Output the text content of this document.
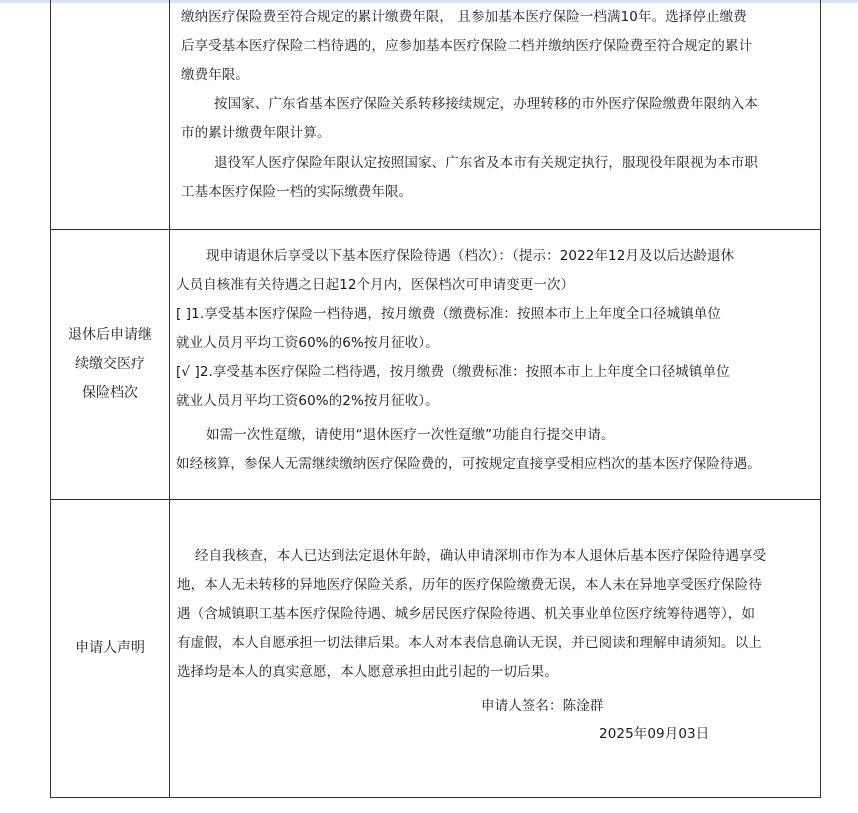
缴纳医疗保险费至符合规定的累计缴费年限， 且参加基本医疗保险一档满10年。选择停止缴费
后享受基本医疗保险二档待遇的，应参加基本医疗保险二档并缴纳医疗保险费至符合规定的累计
缴费年限。
按国家、广东省基本医疗保险关系转移接续规定，办理转移的市外医疗保险缴费年限纳入本
市的累计缴费年限计算。
退役军人医疗保险年限认定按照国家、广东省及本市有关规定执行，服现役年限视为本市职
工基本医疗保险一档的实际缴费年限。
退休后申请继
续缴交医疗
保险档次
现申请退休后享受以下基本医疗保险待遇（档次）：（提示：2022年12月及以后达龄退休
人员自核准有关待遇之日起12个月内，医保档次可申请变更一次）
[ ]1.享受基本医疗保险一档待遇，按月缴费（缴费标准：按照本市上上年度全口径城镇单位
就业人员月平均工资60%的6%按月征收）。
[√ ]2.享受基本医疗保险二档待遇，按月缴费（缴费标准：按照本市上上年度全口径城镇单位
就业人员月平均工资60%的2%按月征收）。
如需一次性趸缴，请使用“退休医疗一次性趸缴”功能自行提交申请。
如经核算，参保人无需继续缴纳医疗保险费的，可按规定直接享受相应档次的基本医疗保险待遇。
申请人声明
经自我核查，本人已达到法定退休年龄，确认申请深圳市作为本人退休后基本医疗保险待遇享受
地，本人无未转移的异地医疗保险关系，历年的医疗保险缴费无误，本人未在异地享受医疗保险待
遇（含城镇职工基本医疗保险待遇、城乡居民医疗保险待遇、机关事业单位医疗统筹待遇等），如
有虚假，本人自愿承担一切法律后果。本人对本表信息确认无误，并已阅读和理解申请须知。以上
选择均是本人的真实意愿，本人愿意承担由此引起的一切后果。
申请人签名：陈淦群
2025年09月03日
